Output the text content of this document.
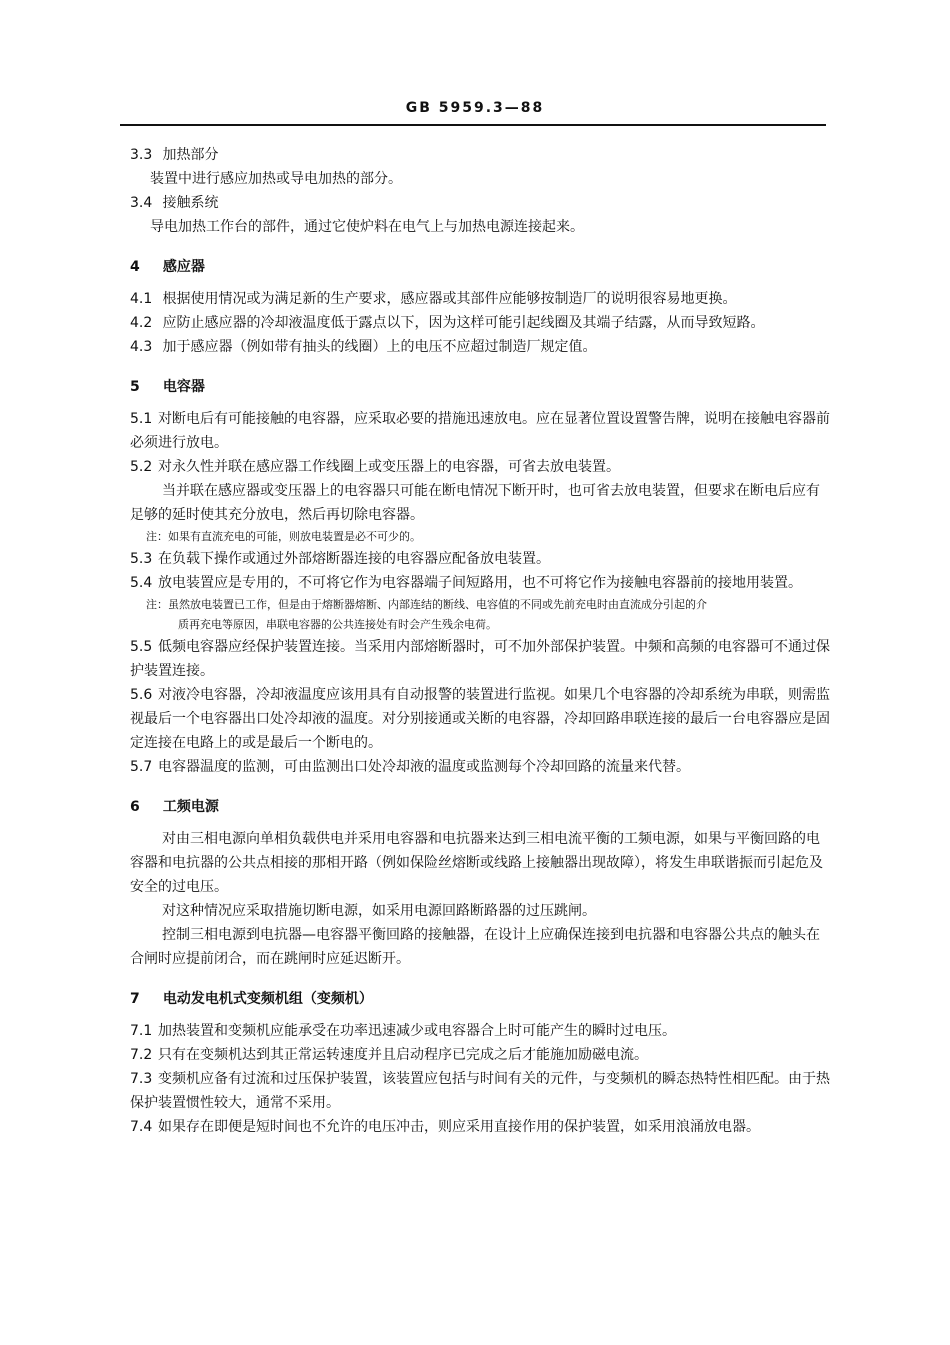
GB 5959.3—88
3.3 加热部分
装置中进行感应加热或导电加热的部分。
3.4 接触系统
导电加热工作台的部件，通过它使炉料在电气上与加热电源连接起来。
4 感应器
4.1 根据使用情况或为满足新的生产要求，感应器或其部件应能够按制造厂的说明很容易地更换。
4.2 应防止感应器的冷却液温度低于露点以下，因为这样可能引起线圈及其端子结露，从而导致短路。
4.3 加于感应器（例如带有抽头的线圈）上的电压不应超过制造厂规定值。
5 电容器
5.1 对断电后有可能接触的电容器，应采取必要的措施迅速放电。应在显著位置设置警告牌，说明在接触电容器前必须进行放电。
5.2 对永久性并联在感应器工作线圈上或变压器上的电容器，可省去放电装置。
当并联在感应器或变压器上的电容器只可能在断电情况下断开时，也可省去放电装置，但要求在断电后应有足够的延时使其充分放电，然后再切除电容器。
注：如果有直流充电的可能，则放电装置是必不可少的。
5.3 在负载下操作或通过外部熔断器连接的电容器应配备放电装置。
5.4 放电装置应是专用的，不可将它作为电容器端子间短路用，也不可将它作为接触电容器前的接地用装置。
注：虽然放电装置已工作，但是由于熔断器熔断、内部连结的断线、电容值的不同或先前充电时由直流成分引起的介
质再充电等原因，串联电容器的公共连接处有时会产生残余电荷。
5.5 低频电容器应经保护装置连接。当采用内部熔断器时，可不加外部保护装置。中频和高频的电容器可不通过保护装置连接。
5.6 对液冷电容器，冷却液温度应该用具有自动报警的装置进行监视。如果几个电容器的冷却系统为串联，则需监视最后一个电容器出口处冷却液的温度。对分别接通或关断的电容器，冷却回路串联连接的最后一台电容器应是固定连接在电路上的或是最后一个断电的。
5.7 电容器温度的监测，可由监测出口处冷却液的温度或监测每个冷却回路的流量来代替。
6 工频电源
对由三相电源向单相负载供电并采用电容器和电抗器来达到三相电流平衡的工频电源，如果与平衡回路的电容器和电抗器的公共点相接的那相开路（例如保险丝熔断或线路上接触器出现故障），将发生串联谐振而引起危及安全的过电压。
对这种情况应采取措施切断电源，如采用电源回路断路器的过压跳闸。
控制三相电源到电抗器—电容器平衡回路的接触器，在设计上应确保连接到电抗器和电容器公共点的触头在合闸时应提前闭合，而在跳闸时应延迟断开。
7 电动发电机式变频机组（变频机）
7.1 加热装置和变频机应能承受在功率迅速减少或电容器合上时可能产生的瞬时过电压。
7.2 只有在变频机达到其正常运转速度并且启动程序已完成之后才能施加励磁电流。
7.3 变频机应备有过流和过压保护装置，该装置应包括与时间有关的元件，与变频机的瞬态热特性相匹配。由于热保护装置惯性较大，通常不采用。
7.4 如果存在即便是短时间也不允许的电压冲击，则应采用直接作用的保护装置，如采用浪涌放电器。
